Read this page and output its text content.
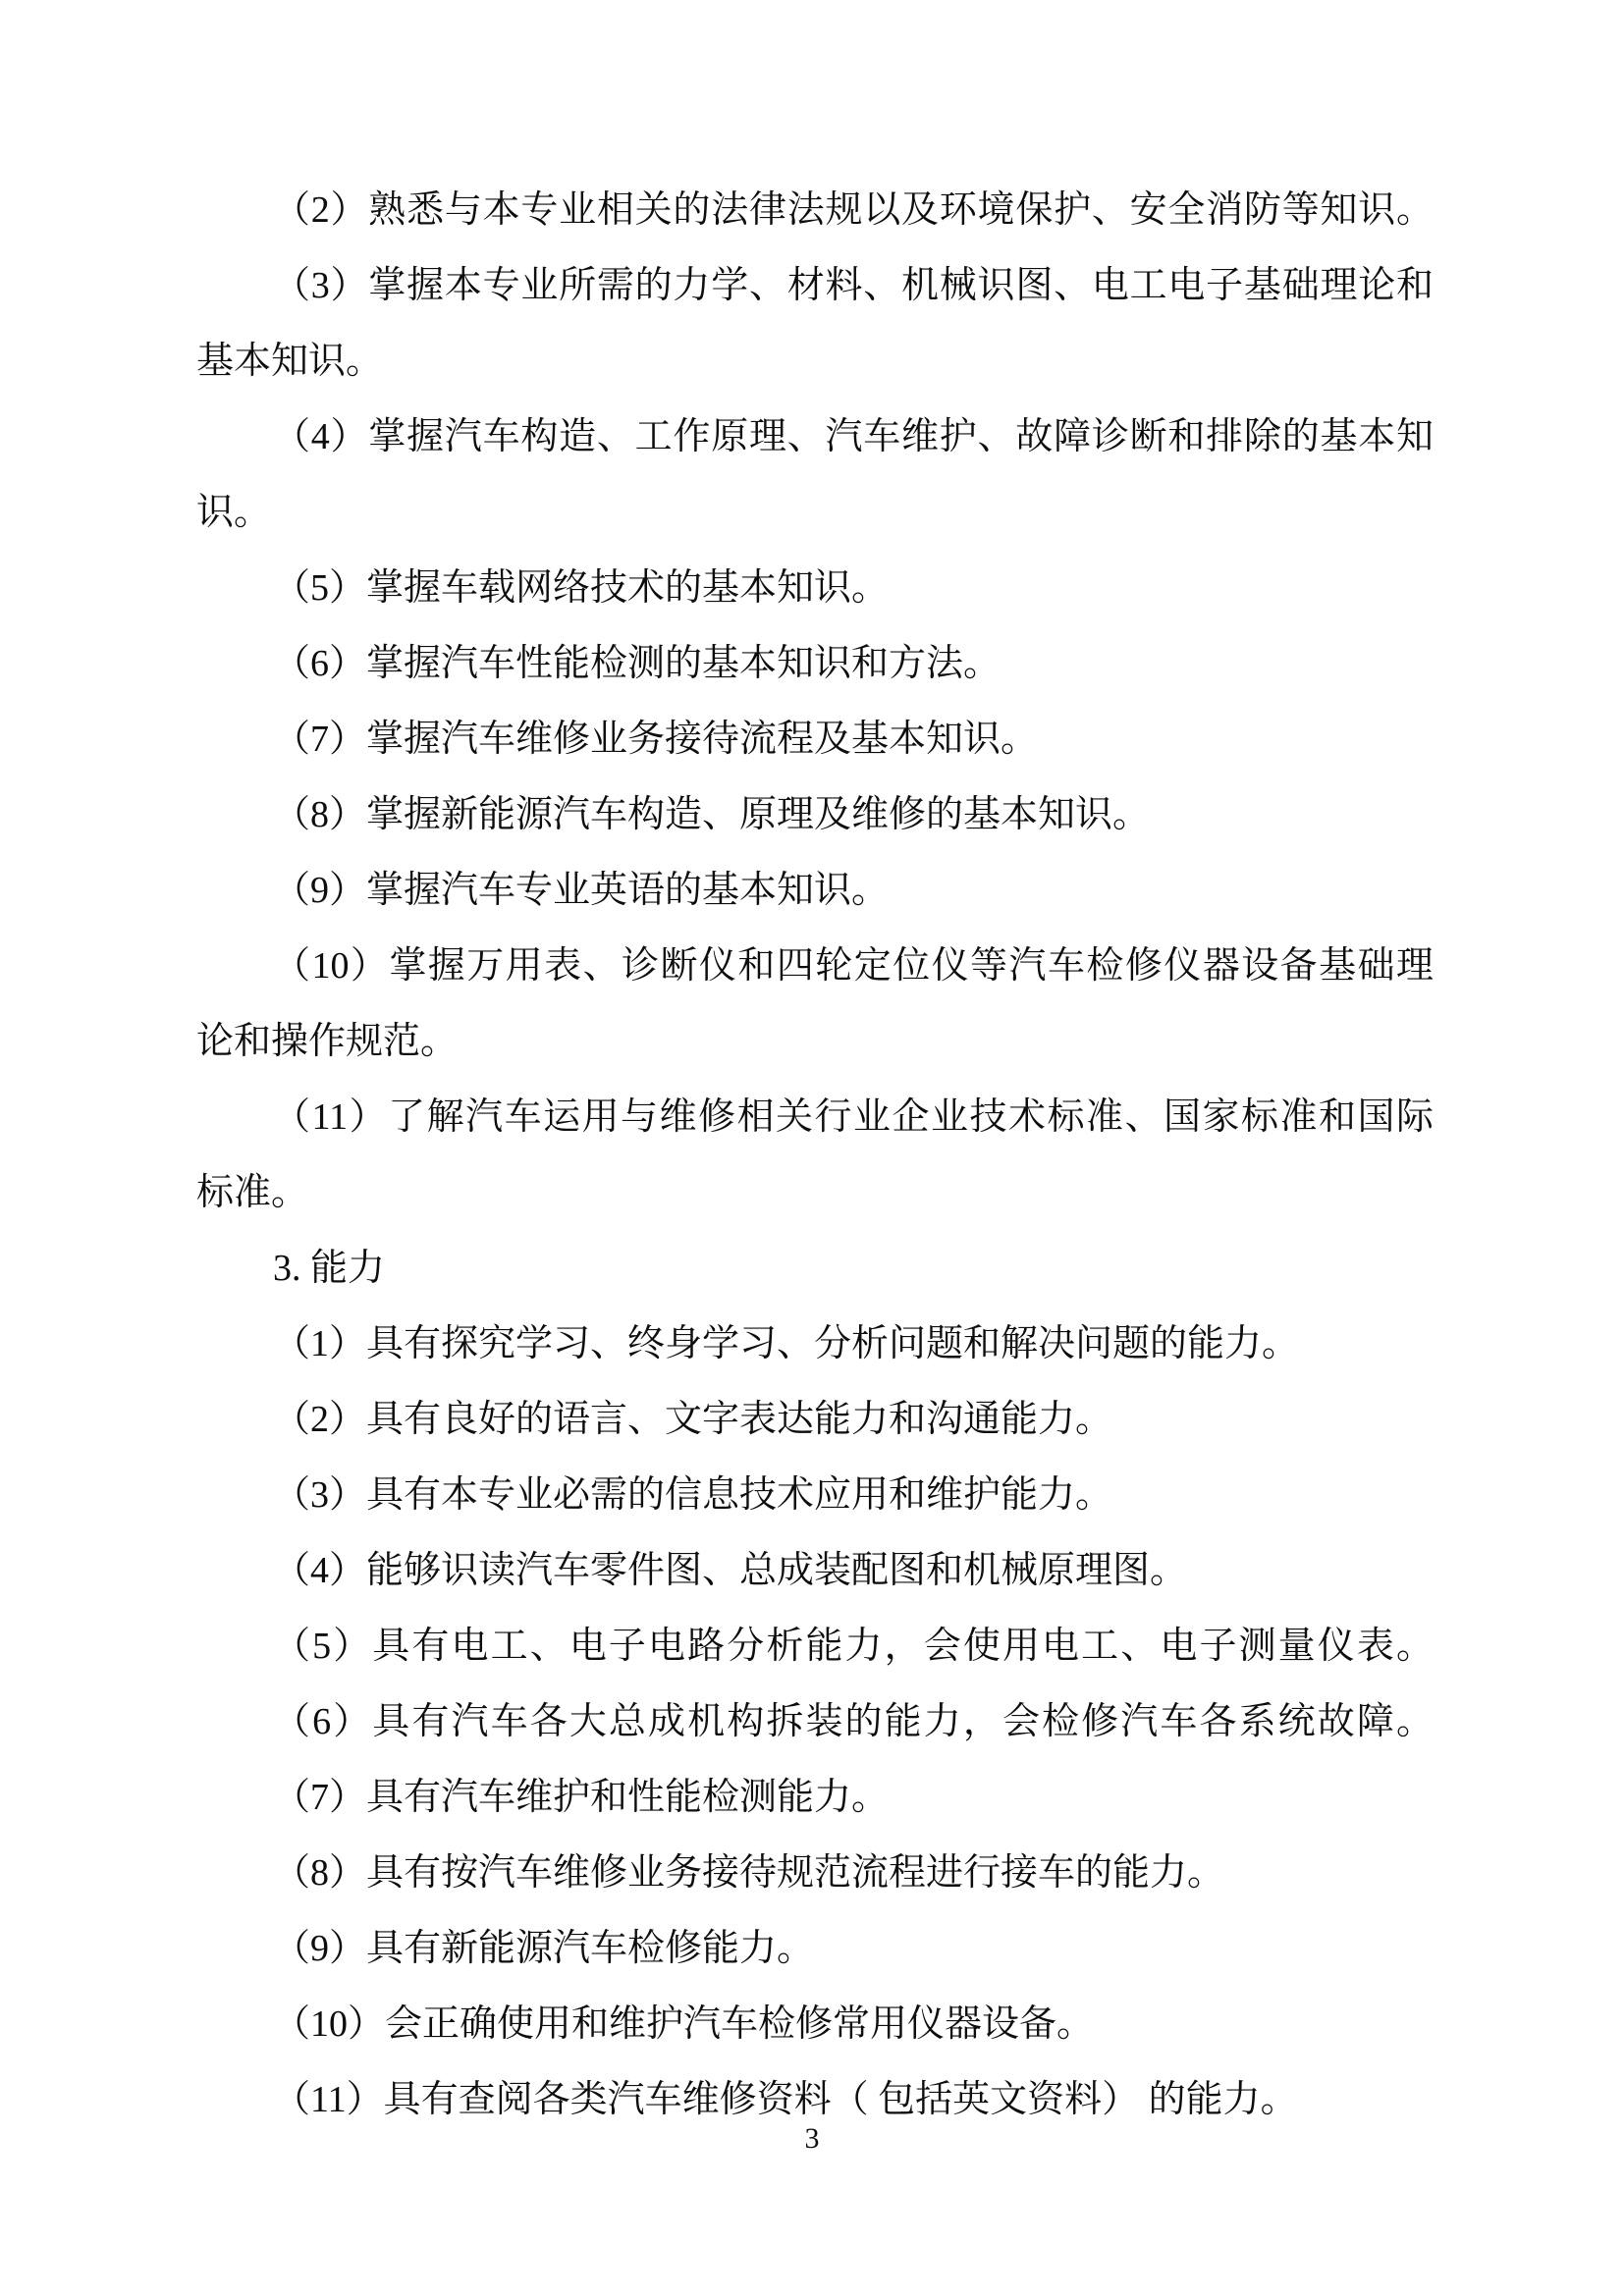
（2）熟悉与本专业相关的法律法规以及环境保护、安全消防等知识。
（3）掌握本专业所需的力学、材料、机械识图、电工电子基础理论和
基本知识。
（4）掌握汽车构造、工作原理、汽车维护、故障诊断和排除的基本知
识。
（5）掌握车载网络技术的基本知识。
（6）掌握汽车性能检测的基本知识和方法。
（7）掌握汽车维修业务接待流程及基本知识。
（8）掌握新能源汽车构造、原理及维修的基本知识。
（9）掌握汽车专业英语的基本知识。
（10）掌握万用表、诊断仪和四轮定位仪等汽车检修仪器设备基础理
论和操作规范。
（11）了解汽车运用与维修相关行业企业技术标准、国家标准和国际
标准。
3. 能力
（1）具有探究学习、终身学习、分析问题和解决问题的能力。
（2）具有良好的语言、文字表达能力和沟通能力。
（3）具有本专业必需的信息技术应用和维护能力。
（4）能够识读汽车零件图、总成装配图和机械原理图。
（5）具有电工、电子电路分析能力，会使用电工、电子测量仪表。
（6）具有汽车各大总成机构拆装的能力，会检修汽车各系统故障。
（7）具有汽车维护和性能检测能力。
（8）具有按汽车维修业务接待规范流程进行接车的能力。
（9）具有新能源汽车检修能力。
（10）会正确使用和维护汽车检修常用仪器设备。
（11）具有查阅各类汽车维修资料（ 包括英文资料） 的能力。
3
